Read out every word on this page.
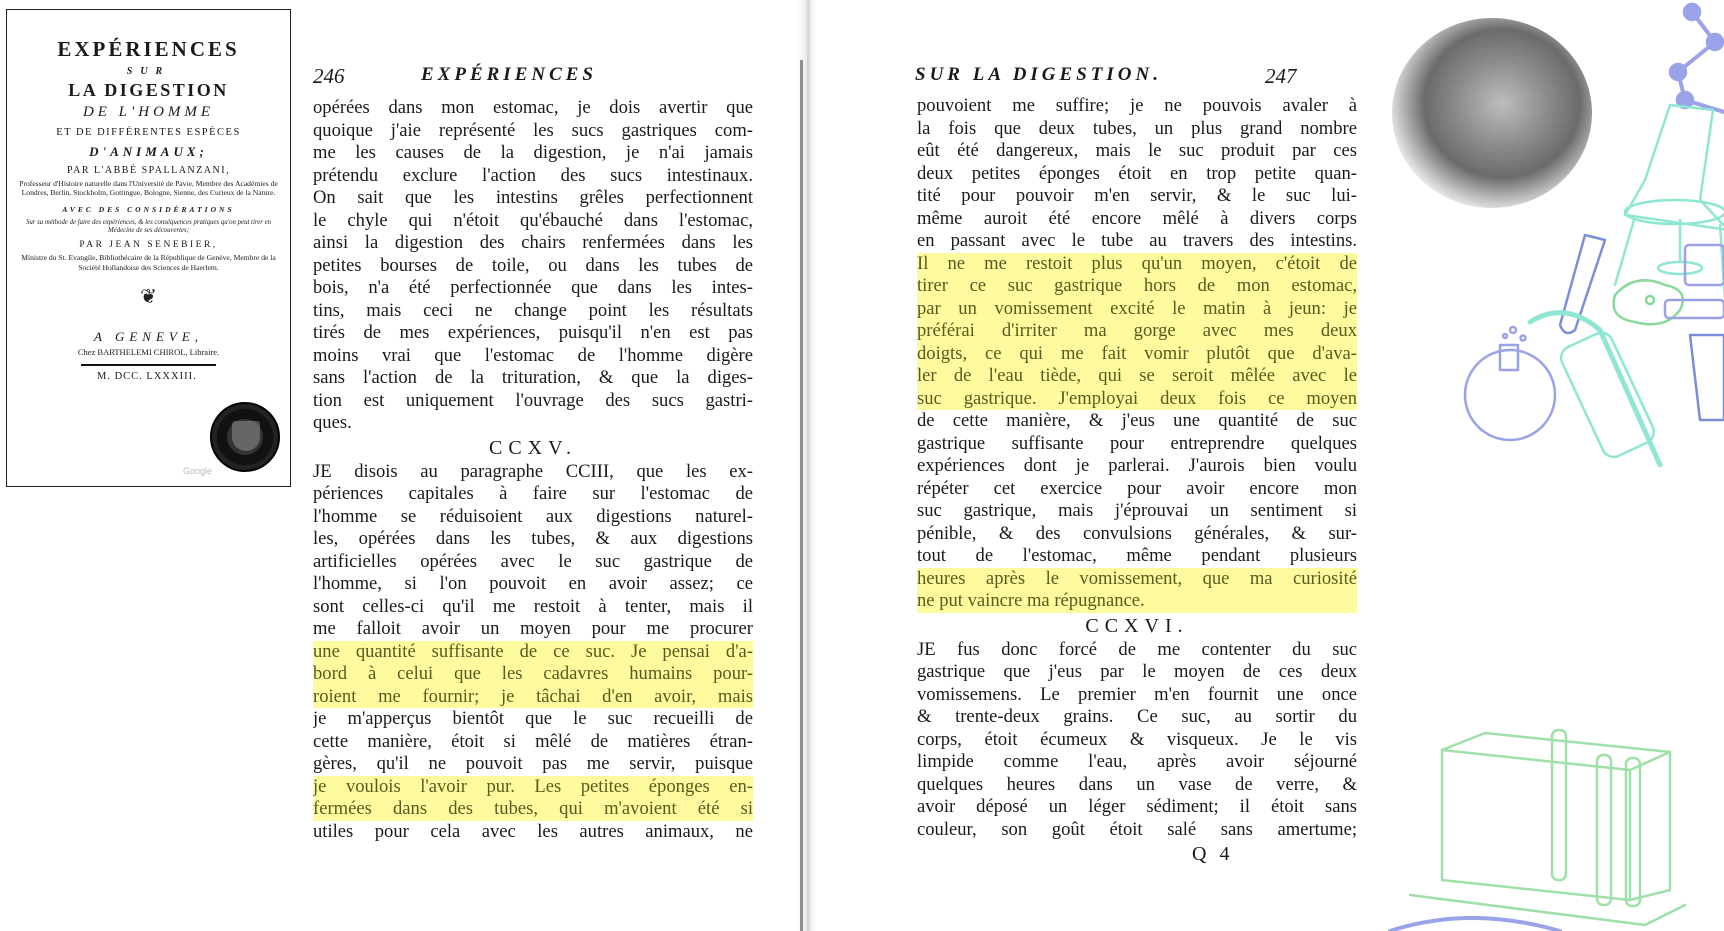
EXPÉRIENCES
SUR
LA DIGESTION
DE L'HOMME
ET DE DIFFÉRENTES ESPÉCES
D'ANIMAUX;
PAR L'ABBÉ SPALLANZANI,
Professeur d'Histoire naturelle dans l'Université de Pavie, Membre des Académies de Londres, Berlin, Stockholm, Gottingue, Bologne, Sienne, des Curieux de la Nature.
AVEC DES CONSIDÉRATIONS
Sur sa méthode de faire des expériences, & les conséquences pratiques qu'on peut tirer en Médecine de ses découvertes;
PAR JEAN SENEBIER,
Ministre du St. Evangile, Bibliothécaire de la République de Genève, Membre de la Société Hollandoise des Sciences de Haerlem.
❦
A GENEVE,
Chez BARTHELEMI CHIROL, Libraire.
M. DCC. LXXXIII.
Google
246	EXPÉRIENCES
opérées dans mon estomac, je dois avertir que
quoique j'aie représenté les sucs gastriques com-
me les causes de la digestion, je n'ai jamais
prétendu exclure l'action des sucs intestinaux.
On sait que les intestins grêles perfectionnent
le chyle qui n'étoit qu'ébauché dans l'estomac,
ainsi la digestion des chairs renfermées dans les
petites bourses de toile, ou dans les tubes de
bois, n'a été perfectionnée que dans les intes-
tins, mais ceci ne change point les résultats
tirés de mes expériences, puisqu'il n'en est pas
moins vrai que l'estomac de l'homme digère
sans l'action de la trituration, & que la diges-
tion est uniquement l'ouvrage des sucs gastri-
ques.
CCXV.
JE disois au paragraphe CCIII, que les ex-
périences capitales à faire sur l'estomac de
l'homme se réduisoient aux digestions naturel-
les, opérées dans les tubes, & aux digestions
artificielles opérées avec le suc gastrique de
l'homme, si l'on pouvoit en avoir assez; ce
sont celles-ci qu'il me restoit à tenter, mais il
me falloit avoir un moyen pour me procurer
une quantité suffisante de ce suc. Je pensai d'a-
bord à celui que les cadavres humains pour-
roient me fournir; je tâchai d'en avoir, mais
je m'apperçus bientôt que le suc recueilli de
cette manière, étoit si mêlé de matières étran-
gères, qu'il ne pouvoit pas me servir, puisque
je voulois l'avoir pur. Les petites éponges en-
fermées dans des tubes, qui m'avoient été si
utiles pour cela avec les autres animaux, ne
SUR LA DIGESTION.	247
pouvoient me suffire; je ne pouvois avaler à
la fois que deux tubes, un plus grand nombre
eût été dangereux, mais le suc produit par ces
deux petites éponges étoit en trop petite quan-
tité pour pouvoir m'en servir, & le suc lui-
même auroit été encore mêlé à divers corps
en passant avec le tube au travers des intestins.
Il ne me restoit plus qu'un moyen, c'étoit de
tirer ce suc gastrique hors de mon estomac,
par un vomissement excité le matin à jeun: je
préférai d'irriter ma gorge avec mes deux
doigts, ce qui me fait vomir plutôt que d'ava-
ler de l'eau tiède, qui se seroit mêlée avec le
suc gastrique. J'employai deux fois ce moyen
de cette manière, & j'eus une quantité de suc
gastrique suffisante pour entreprendre quelques
expériences dont je parlerai. J'aurois bien voulu
répéter cet exercice pour avoir encore mon
suc gastrique, mais j'éprouvai un sentiment si
pénible, & des convulsions générales, & sur-
tout de l'estomac, même pendant plusieurs
heures après le vomissement, que ma curiosité
ne put vaincre ma répugnance.
CCXVI.
JE fus donc forcé de me contenter du suc
gastrique que j'eus par le moyen de ces deux
vomissemens. Le premier m'en fournit une once
& trente-deux grains. Ce suc, au sortir du
corps, étoit écumeux & visqueux. Je le vis
limpide comme l'eau, après avoir séjourné
quelques heures dans un vase de verre, &
avoir déposé un léger sédiment; il étoit sans
couleur, son goût étoit salé sans amertume;
Q 4
